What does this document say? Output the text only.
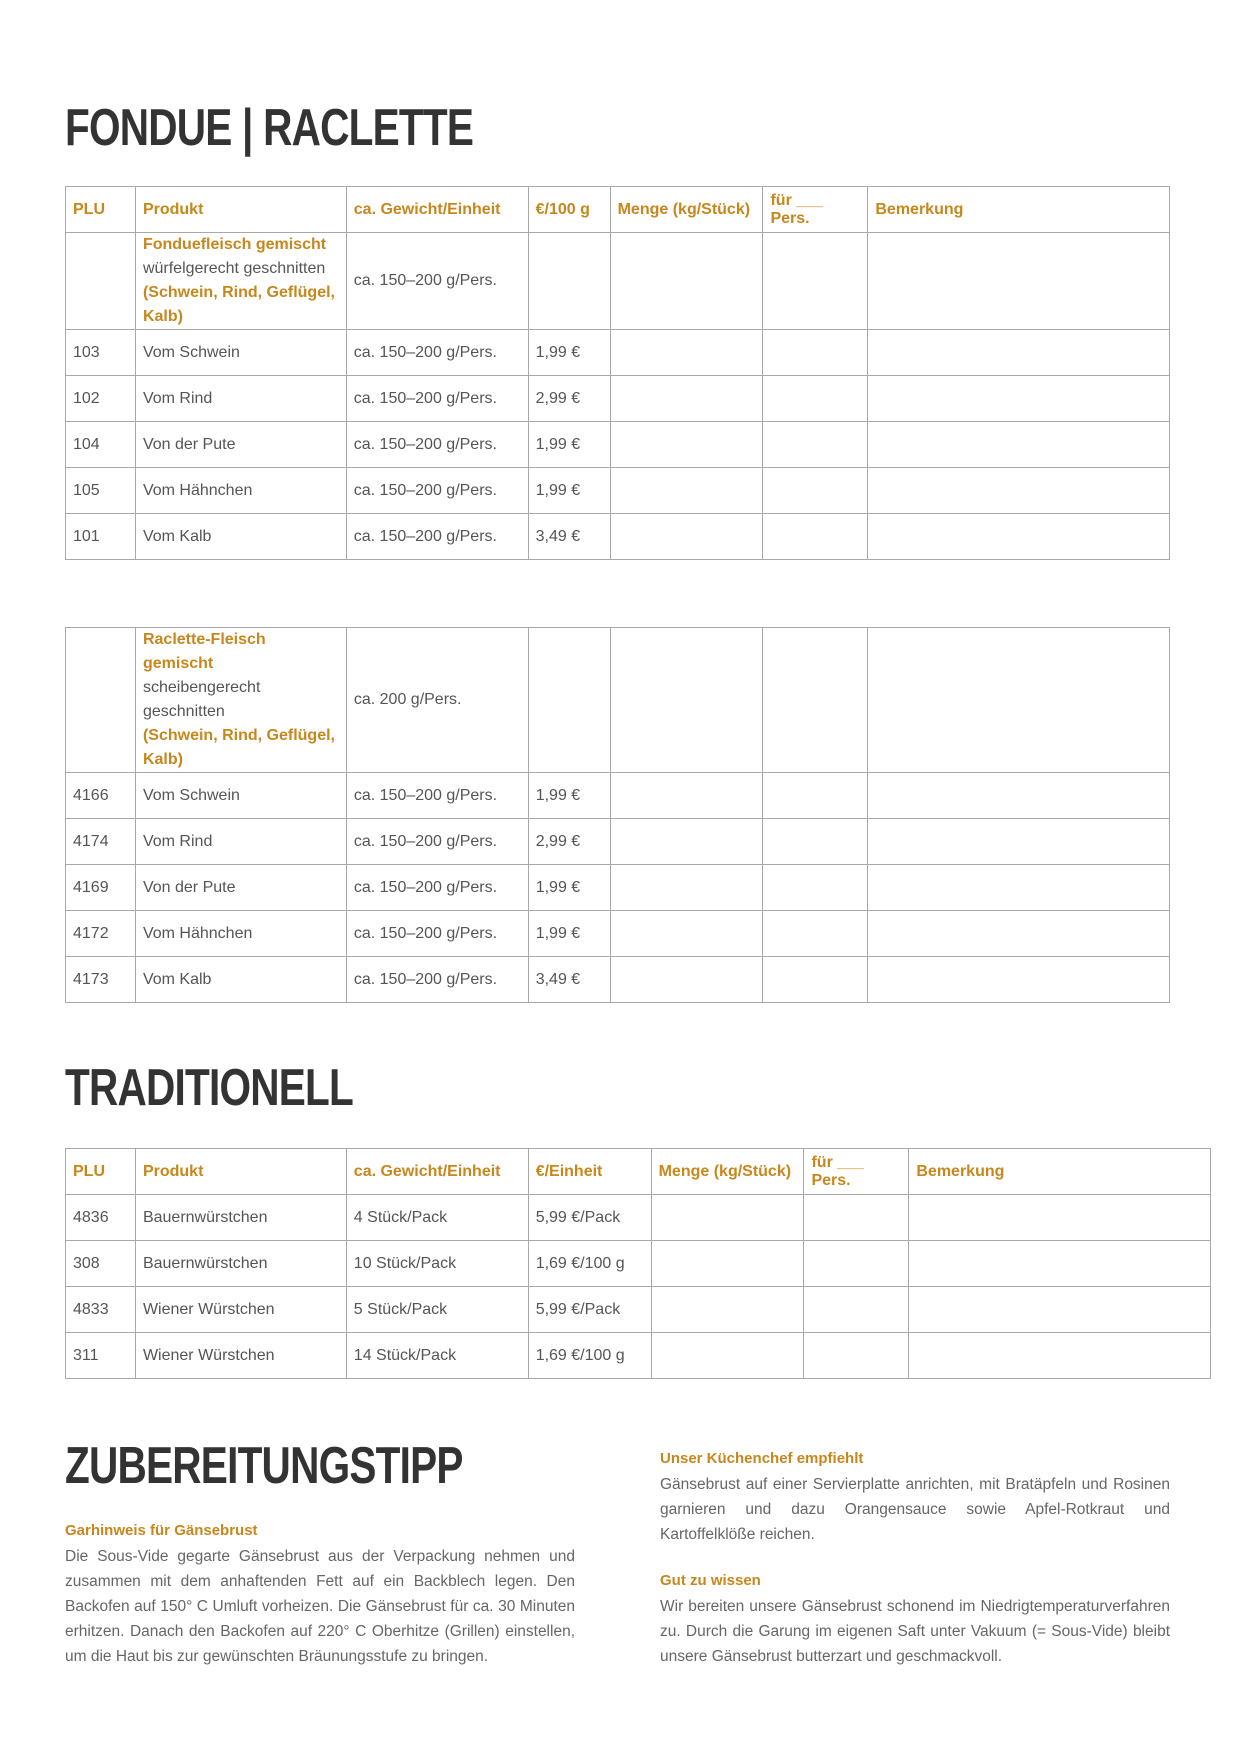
FONDUE | RACLETTE
PLU	Produkt	ca. Gewicht/Einheit	€/100 g	Menge (kg/Stück)	für ___ Pers.	Bemerkung
	Fonduefleisch gemischt
würfelgerecht geschnitten
(Schwein, Rind, Geflügel, Kalb)	ca. 150–200 g/Pers.				
103	Vom Schwein	ca. 150–200 g/Pers.	1,99 €			
102	Vom Rind	ca. 150–200 g/Pers.	2,99 €			
104	Von der Pute	ca. 150–200 g/Pers.	1,99 €			
105	Vom Hähnchen	ca. 150–200 g/Pers.	1,99 €			
101	Vom Kalb	ca. 150–200 g/Pers.	3,49 €			
	Raclette-Fleisch gemischt
scheibengerecht geschnitten
(Schwein, Rind, Geflügel, Kalb)	ca. 200 g/Pers.				
4166	Vom Schwein	ca. 150–200 g/Pers.	1,99 €			
4174	Vom Rind	ca. 150–200 g/Pers.	2,99 €			
4169	Von der Pute	ca. 150–200 g/Pers.	1,99 €			
4172	Vom Hähnchen	ca. 150–200 g/Pers.	1,99 €			
4173	Vom Kalb	ca. 150–200 g/Pers.	3,49 €			
TRADITIONELL
PLU	Produkt	ca. Gewicht/Einheit	€/Einheit	Menge (kg/Stück)	für ___ Pers.	Bemerkung
4836	Bauernwürstchen	4 Stück/Pack	5,99 €/Pack			
308	Bauernwürstchen	10 Stück/Pack	1,69 €/100 g			
4833	Wiener Würstchen	5 Stück/Pack	5,99 €/Pack			
311	Wiener Würstchen	14 Stück/Pack	1,69 €/100 g			
ZUBEREITUNGSTIPP

Garhinweis für Gänsebrust

Die Sous-Vide gegarte Gänsebrust aus der Verpackung nehmen und zusammen mit dem anhaftenden Fett auf ein Backblech legen. Den Backofen auf 150° C Umluft vorheizen. Die Gänsebrust für ca. 30 Minuten erhitzen. Danach den Backofen auf 220° C Oberhitze (Grillen) einstellen, um die Haut bis zur gewünschten Bräunungsstufe zu bringen.

Unser Küchenchef empfiehlt

Gänsebrust auf einer Servierplatte anrichten, mit Bratäpfeln und Rosinen garnieren und dazu Orangensauce sowie Apfel-Rotkraut und Kartoffelklöße reichen.

Gut zu wissen

Wir bereiten unsere Gänsebrust schonend im Niedrigtemperaturverfahren zu. Durch die Garung im eigenen Saft unter Vakuum (= Sous-Vide) bleibt unsere Gänsebrust butterzart und geschmackvoll.
